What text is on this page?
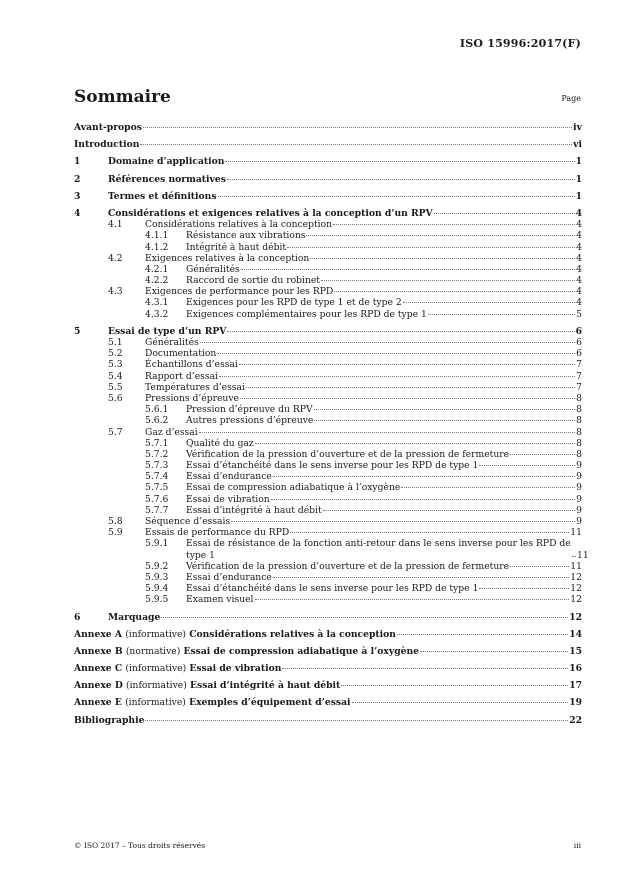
ISO 15996:2017(F)
Sommaire	Page
Avant-propos	iv
Introduction	vi
1	Domaine d’application	1
2	Références normatives	1
3	Termes et définitions	1
4	Considérations et exigences relatives à la conception d’un RPV	4
4.1 Considérations relatives à la conception	4
4.1.1 Résistance aux vibrations	4
4.1.2 Intégrité à haut débit	4
4.2 Exigences relatives à la conception	4
4.2.1 Généralités	4
4.2.2 Raccord de sortie du robinet	4
4.3 Exigences de performance pour les RPD	4
4.3.1 Exigences pour les RPD de type 1 et de type 2	4
4.3.2 Exigences complémentaires pour les RPD de type 1	5
5	Essai de type d’un RPV	6
5.1 Généralités	6
5.2 Documentation	6
5.3 Échantillons d’essai	7
5.4 Rapport d’essai	7
5.5 Températures d’essai	7
5.6 Pressions d’épreuve	8
5.6.1 Pression d’épreuve du RPV	8
5.6.2 Autres pressions d’épreuve	8
5.7 Gaz d’essai	8
5.7.1 Qualité du gaz	8
5.7.2 Vérification de la pression d’ouverture et de la pression de fermeture	8
5.7.3 Essai d’étanchéité dans le sens inverse pour les RPD de type 1	9
5.7.4 Essai d’endurance	9
5.7.5 Essai de compression adiabatique à l’oxygène	9
5.7.6 Essai de vibration	9
5.7.7 Essai d’intégrité à haut débit	9
5.8 Séquence d’essais	9
5.9 Essais de performance du RPD	11
5.9.1 Essai de résistance de la fonction anti-retour dans le sens inverse pour les RPD de type 1	11
5.9.2 Vérification de la pression d’ouverture et de la pression de fermeture	11
5.9.3 Essai d’endurance	12
5.9.4 Essai d’étanchéité dans le sens inverse pour les RPD de type 1	12
5.9.5 Examen visuel	12
6	Marquage	12
Annexe A (informative) Considérations relatives à la conception	14
Annexe B (normative) Essai de compression adiabatique à l’oxygène	15
Annexe C (informative) Essai de vibration	16
Annexe D (informative) Essai d’intégrité à haut débit	17
Annexe E (informative) Exemples d’équipement d’essai	19
Bibliographie	22
© ISO 2017 – Tous droits réservés	iii
